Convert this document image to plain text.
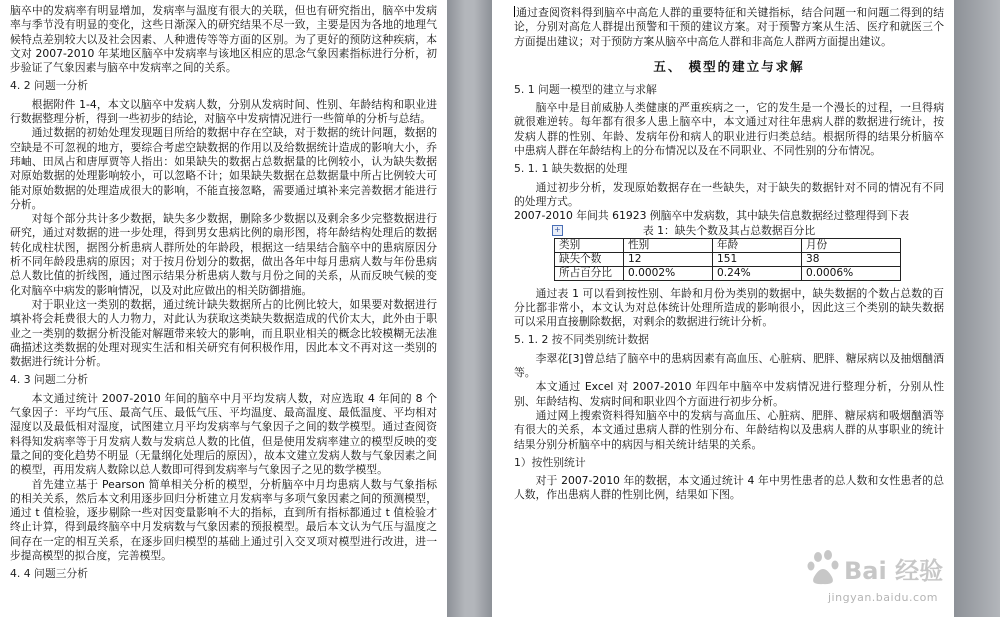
脑卒中的发病率有明显增加，发病率与温度有很大的关联，但也有研究指出，脑卒中发病率与季节没有明显的变化，这些日渐深入的研究结果不尽一致，主要是因为各地的地理气候特点差别较大以及社会因素、人种遗传等等方面的区别。为了更好的预防这种疾病，本文对 2007-2010 年某地区脑卒中发病率与该地区相应的思念气象因素指标进行分析，初步验证了气象因素与脑卒中发病率之间的关系。

4. 2 问题一分析

根据附件 1-4，本文以脑卒中发病人数，分别从发病时间、性别、年龄结构和职业进行数据整理分析，得到一些初步的结论，对脑卒中发病情况进行一些简单的分析与总结。

通过数据的初始处理发现题目所给的数据中存在空缺，对于数据的统计问题，数据的空缺是不可忽视的地方，要综合考虑空缺数据的作用以及给数据统计造成的影响大小，乔玮岫、田凤占和唐厚贾等人指出：如果缺失的数据占总数据量的比例较小，认为缺失数据对原始数据的处理影响较小，可以忽略不计；如果缺失数据在总数据量中所占比例较大可能对原始数据的处理造成很大的影响，不能直接忽略，需要通过填补来完善数据才能进行分析。

对每个部分共计多少数据，缺失多少数据，删除多少数据以及剩余多少完整数据进行研究，通过对数据的进一步处理，得到男女患病比例的扇形图，将年龄结构处理后的数据转化成柱状图，据图分析患病人群所处的年龄段，根据这一结果结合脑卒中的患病原因分析不同年龄段患病的原因；对于按月份划分的数据，做出各年中每月患病人数与年份患病总人数比值的折线图，通过图示结果分析患病人数与月份之间的关系，从而反映气候的变化对脑卒中病发的影响情况，以及对此应做出的相关防御措施。

对于职业这一类别的数据，通过统计缺失数据所占的比例比较大，如果要对数据进行填补将会耗费很大的人力物力，对此认为获取这类缺失数据造成的代价太大，此外由于职业之一类别的数据分析没能对解题带来较大的影响，而且职业相关的概念比较模糊无法准确描述这类数据的处理对现实生活和相关研究有何积极作用，因此本文不再对这一类别的数据进行统计分析。

4. 3 问题二分析

本文通过统计 2007-2010 年间的脑卒中月平均发病人数，对应选取 4 年间的 8 个气象因子：平均气压、最高气压、最低气压、平均温度、最高温度、最低温度、平均相对湿度以及最低相对湿度，试图建立月平均发病率与气象因子之间的数学模型。通过查阅资料得知发病率等于月发病人数与发病总人数的比值，但是使用发病率建立的模型反映的变量之间的变化趋势不明显（无量纲化处理后的原因），故本文建立发病人数与气象因素之间的模型，再用发病人数除以总人数即可得到发病率与气象因子之见的数学模型。

首先建立基于 Pearson 简单相关分析的模型，分析脑卒中月均患病人数与气象指标的相关关系，然后本文利用逐步回归分析建立月发病率与多项气象因素之间的预测模型，通过 t 值检验，逐步剔除一些对因变量影响不大的指标，直到所有指标都通过 t 值检验才终止计算，得到最终脑卒中月发病数与气象因素的预报模型。最后本文认为气压与温度之间存在一定的相互关系，在逐步回归模型的基础上通过引入交叉项对模型进行改进，进一步提高模型的拟合度，完善模型。

4. 4 问题三分析

通过查阅资料得到脑卒中高危人群的重要特征和关键指标，结合问题一和问题二得到的结论，分别对高危人群提出预警和干预的建议方案。对于预警方案从生活、医疗和就医三个方面提出建议；对于预防方案从脑卒中高危人群和非高危人群两方面提出建议。

五、 模型的建立与求解

5. 1 问题一模型的建立与求解

脑卒中是目前威胁人类健康的严重疾病之一，它的发生是一个漫长的过程，一旦得病就很难逆转。每年都有很多人患上脑卒中，本文通过对往年患病人群的数据进行统计，按发病人群的性别、年龄、发病年份和病人的职业进行归类总结。根据所得的结果分析脑卒中患病人群在年龄结构上的分布情况以及在不同职业、不同性别的分布情况。

5. 1. 1 缺失数据的处理

通过初步分析，发现原始数据存在一些缺失，对于缺失的数据针对不同的情况有不同的处理方式。

2007-2010 年间共 61923 例脑卒中发病数，其中缺失信息数据经过整理得到下表

+	表 1：缺失个数及其占总数据百分比

类别	性别	年龄	月份
缺失个数	12	151	38
所占百分比	0.0002%	0.24%	0.0006%

通过表 1 可以看到按性别、年龄和月份为类别的数据中，缺失数据的个数占总数的百分比都非常小，本文认为对总体统计处理所造成的影响很小，因此这三个类别的缺失数据可以采用直接删除数据，对剩余的数据进行统计分析。

5. 1. 2 按不同类别统计数据

李翠花[3]曾总结了脑卒中的患病因素有高血压、心脏病、肥胖、糖尿病以及抽烟酗酒等。

本文通过 Excel 对 2007-2010 年四年中脑卒中发病情况进行整理分析，分别从性别、年龄结构、发病时间和职业四个方面进行初步分析。

通过网上搜索资料得知脑卒中的发病与高血压、心脏病、肥胖、糖尿病和吸烟酗酒等有很大的关系，本文通过患病人群的性别分布、年龄结构以及患病人群的从事职业的统计结果分别分析脑卒中的病因与相关统计结果的关系。

1）按性别统计

对于 2007-2010 年的数据，本文通过统计 4 年中男性患者的总人数和女性患者的总人数，作出患病人群的性别比例，结果如下图。

Bai 经验
jingyan.baidu.com
